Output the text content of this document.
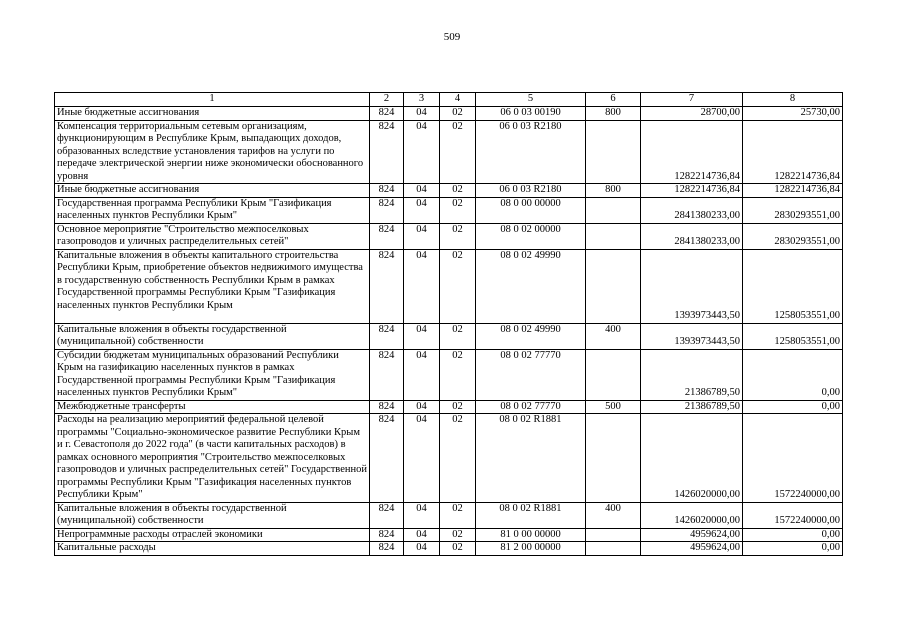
509
1	2	3	4	5	6	7	8
Иные бюджетные ассигнования	824	04	02	06 0 03 00190	800	28700,00	25730,00
Компенсация территориальным сетевым организациям, функционирующим в Республике Крым, выпадающих доходов, образованных вследствие установления тарифов на услуги по передаче электрической энергии ниже экономически обоснованного уровня	824	04	02	06 0 03 R2180		1282214736,84	1282214736,84
Иные бюджетные ассигнования	824	04	02	06 0 03 R2180	800	1282214736,84	1282214736,84
Государственная программа Республики Крым "Газификация населенных пунктов Республики Крым"	824	04	02	08 0 00 00000		2841380233,00	2830293551,00
Основное мероприятие "Строительство межпоселковых газопроводов и уличных распределительных сетей"	824	04	02	08 0 02 00000		2841380233,00	2830293551,00
Капитальные вложения в объекты капитального строительства Республики Крым, приобретение объектов недвижимого имущества в государственную собственность Республики Крым в рамках Государственной программы Республики Крым "Газификация населенных пунктов Республики Крым	824	04	02	08 0 02 49990		1393973443,50	1258053551,00
Капитальные вложения в объекты государственной (муниципальной) собственности	824	04	02	08 0 02 49990	400	1393973443,50	1258053551,00
Субсидии бюджетам муниципальных образований Республики Крым на газификацию населенных пунктов в рамках Государственной программы Республики Крым "Газификация населенных пунктов Республики Крым"	824	04	02	08 0 02 77770		21386789,50	0,00
Межбюджетные трансферты	824	04	02	08 0 02 77770	500	21386789,50	0,00
Расходы на реализацию мероприятий федеральной целевой программы "Социально-экономическое развитие Республики Крым и г. Севастополя до 2022 года" (в части капитальных расходов) в рамках основного мероприятия "Строительство межпоселковых газопроводов и уличных распределительных сетей" Государственной программы Республики Крым "Газификация населенных пунктов Республики Крым"	824	04	02	08 0 02 R1881		1426020000,00	1572240000,00
Капитальные вложения в объекты государственной (муниципальной) собственности	824	04	02	08 0 02 R1881	400	1426020000,00	1572240000,00
Непрограммные расходы отраслей экономики	824	04	02	81 0 00 00000		4959624,00	0,00
Капитальные расходы	824	04	02	81 2 00 00000		4959624,00	0,00
